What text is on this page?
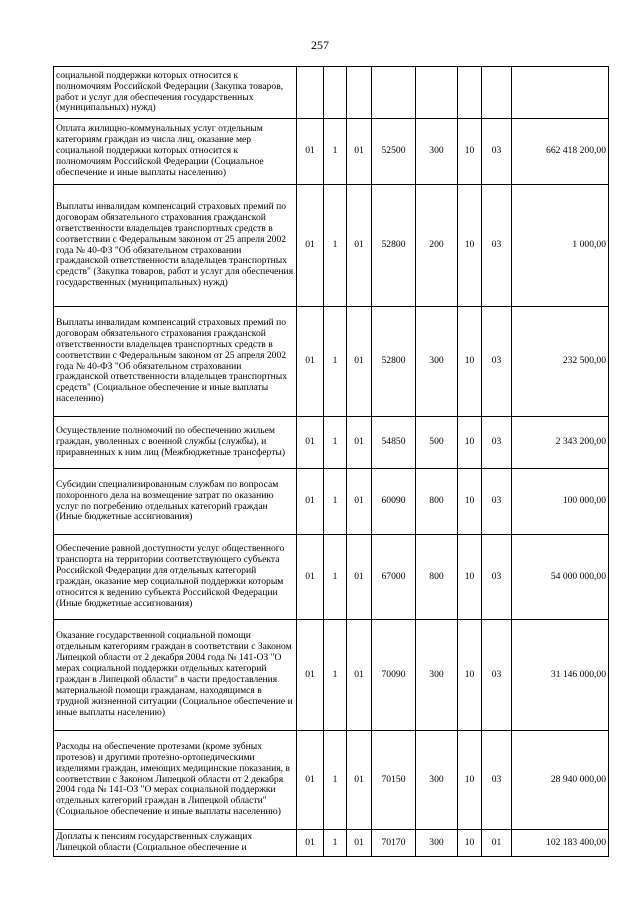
257
социальной поддержки которых относится к полномочиям Российской Федерации (Закупка товаров, работ и услуг для обеспечения государственных (муниципальных) нужд)								
Оплата жилищно-коммунальных услуг отдельным категориям граждан из числа лиц, оказание мер социальной поддержки которых относится к полномочиям Российской Федерации (Социальное обеспечение и иные выплаты населению)	01	1	01	52500	300	10	03	662 418 200,00
Выплаты инвалидам компенсаций страховых премий по договорам обязательного страхования гражданской ответственности владельцев транспортных средств в соответствии с Федеральным законом от 25 апреля 2002 года № 40-ФЗ "Об обязательном страховании гражданской ответственности владельцев транспортных средств" (Закупка товаров, работ и услуг для обеспечения государственных (муниципальных) нужд)	01	1	01	52800	200	10	03	1 000,00
Выплаты инвалидам компенсаций страховых премий по договорам обязательного страхования гражданской ответственности владельцев транспортных средств в соответствии с Федеральным законом от 25 апреля 2002 года № 40-ФЗ "Об обязательном страховании гражданской ответственности владельцев транспортных средств" (Социальное обеспечение и иные выплаты населению)	01	1	01	52800	300	10	03	232 500,00
Осуществление полномочий по обеспечению жильем граждан, уволенных с военной службы (службы), и приравненных к ним лиц (Межбюджетные трансферты)	01	1	01	54850	500	10	03	2 343 200,00
Субсидии специализированным службам по вопросам похоронного дела на возмещение затрат по оказанию услуг по погребению отдельных категорий граждан (Иные бюджетные ассигнования)	01	1	01	60090	800	10	03	100 000,00
Обеспечение равной доступности услуг общественного транспорта на территории соответствующего субъекта Российской Федерации для отдельных категорий граждан, оказание мер социальной поддержки которым относится к ведению субъекта Российской Федерации (Иные бюджетные ассигнования)	01	1	01	67000	800	10	03	54 000 000,00
Оказание государственной социальной помощи отдельным категориям граждан в соответствии с Законом Липецкой области от 2 декабря 2004 года № 141-ОЗ "О мерах социальной поддержки отдельных категорий граждан в Липецкой области" в части предоставления материальной помощи гражданам, находящимся в трудной жизненной ситуации (Социальное обеспечение и иные выплаты населению)	01	1	01	70090	300	10	03	31 146 000,00
Расходы на обеспечение протезами (кроме зубных протезов) и другими протезно-ортопедическими изделиями граждан, имеющих медицинские показания, в соответствии с Законом Липецкой области от 2 декабря 2004 года № 141-ОЗ "О мерах социальной поддержки отдельных категорий граждан в Липецкой области" (Социальное обеспечение и иные выплаты населению)	01	1	01	70150	300	10	03	28 940 000,00
Доплаты к пенсиям государственных служащих Липецкой области (Социальное обеспечение и	01	1	01	70170	300	10	01	102 183 400,00
